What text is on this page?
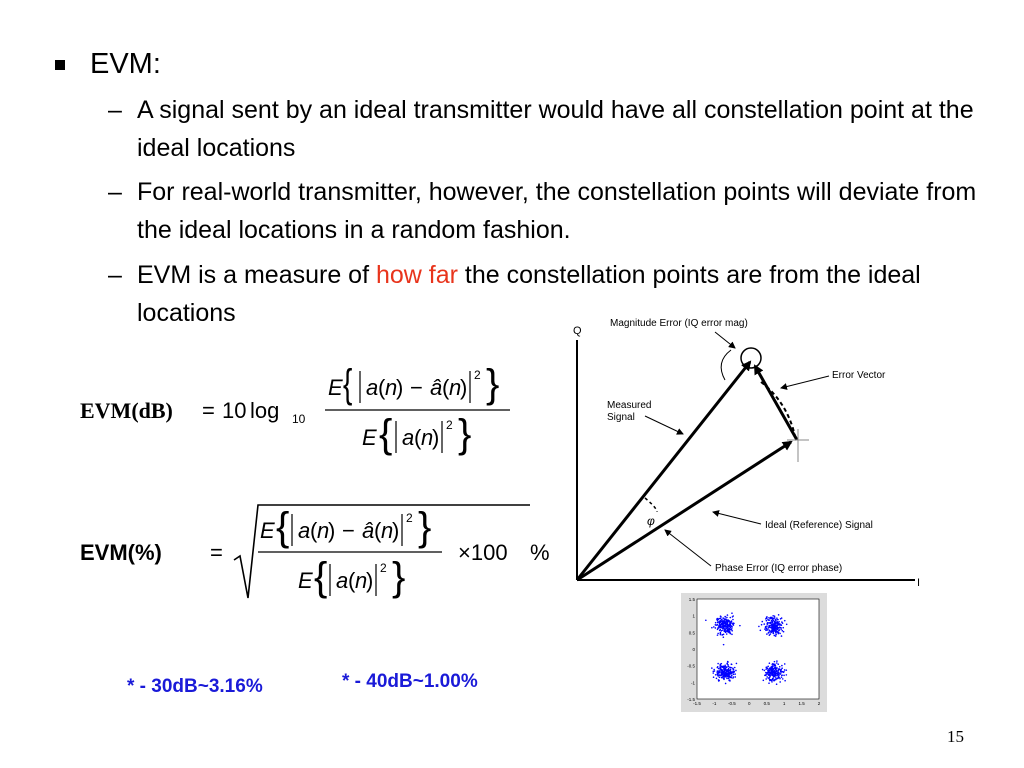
EVM:
– A signal sent by an ideal transmitter would have all constellation point at the ideal locations
– For real-world transmitter, however, the constellation points will deviate from the ideal locations in a random fashion.
– EVM is a measure of how far the constellation points are from the ideal locations
EVM(dB) = 10 log 10
E { a ( n
) − â ( n
) 2 }
E { a ( n
) 2 }
EVM(%) =
E { a ( n
) − â ( n
) 2 }
E { a ( n
) 2 }
×100 %
* - 30dB~3.16%	* - 40dB~1.00%
Q
I
φ
Magnitude Error (IQ error mag)
Error Vector
Measured
Signal
Ideal (Reference) Signal
Phase Error (IQ error phase)
1.5
1
0.5
0
-0.5
-1
-1.5
-1.5	-1	-0.5	0	0.5	1	1.5	2
15
